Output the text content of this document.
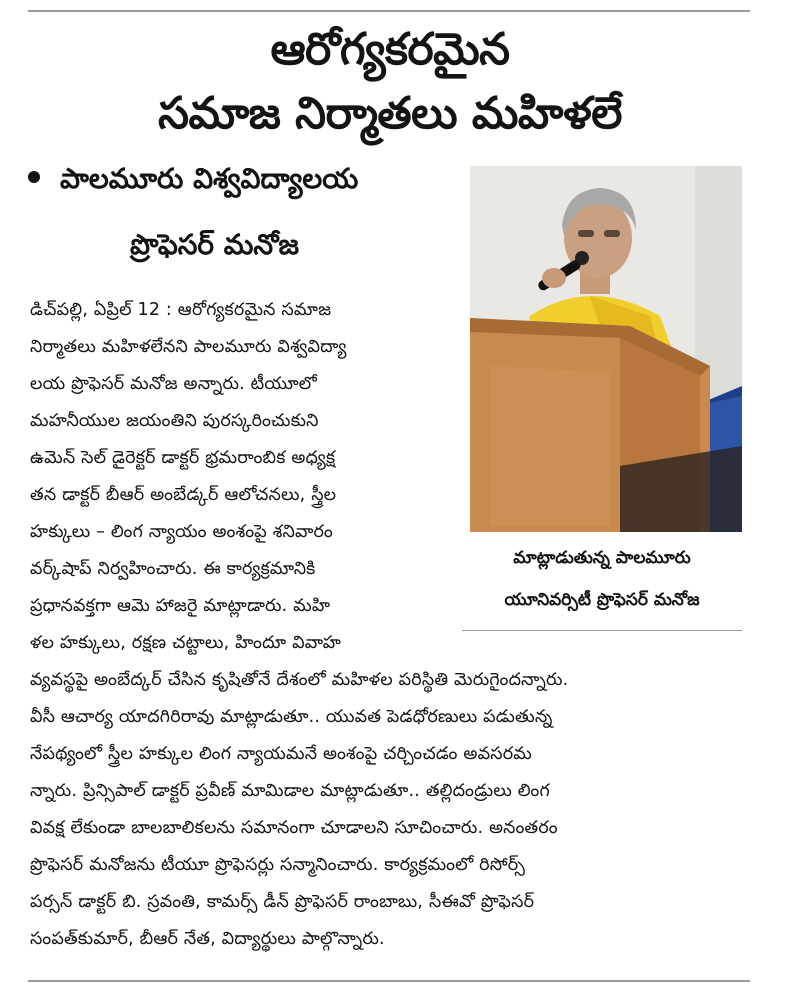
ఆరోగ్యకరమైన
సమాజ నిర్మాతలు మహిళలే
పాలమూరు విశ్వవిద్యాలయ
ప్రొఫెసర్ మనోజ
మాట్లాడుతున్న పాలమూరు
యూనివర్సిటీ ప్రొఫెసర్ మనోజ
డిచ్‌పల్లి, ఏప్రిల్ 12 : ఆరోగ్యకరమైన సమాజ
నిర్మాతలు మహిళలేనని పాలమూరు విశ్వవిద్యా
లయ ప్రొఫెసర్ మనోజ అన్నారు. టీయూలో
మహనీయుల జయంతిని పురస్కరించుకుని
ఉమెన్ సెల్ డైరెక్టర్ డాక్టర్ భ్రమరాంబిక అధ్యక్ష
తన డాక్టర్ బీఆర్ అంబేడ్కర్ ఆలోచనలు, స్త్రీల
హక్కులు – లింగ న్యాయం అంశంపై శనివారం
వర్క్‌షాప్ నిర్వహించారు. ఈ కార్యక్రమానికి
ప్రధానవక్తగా ఆమె హాజరై మాట్లాడారు. మహి
ళల హక్కులు, రక్షణ చట్టాలు, హిందూ వివాహ
వ్యవస్థపై అంబేద్కర్ చేసిన కృషితోనే దేశంలో మహిళల పరిస్థితి మెరుగైందన్నారు.
వీసీ ఆచార్య యాదగిరిరావు మాట్లాడుతూ.. యువత పెడధోరణులు పడుతున్న
నేపథ్యంలో స్త్రీల హక్కుల లింగ న్యాయమనే అంశంపై చర్చించడం అవసరమ
న్నారు. ప్రిన్సిపాల్ డాక్టర్ ప్రవీణ్ మామిడాల మాట్లాడుతూ.. తల్లిదండ్రులు లింగ
వివక్ష లేకుండా బాలబాలికలను సమానంగా చూడాలని సూచించారు. అనంతరం
ప్రొఫెసర్ మనోజను టీయూ ప్రొఫెసర్లు సన్మానించారు. కార్యక్రమంలో రిసోర్స్
పర్సన్ డాక్టర్ బి. స్రవంతి, కామర్స్ డీన్ ప్రొఫెసర్ రాంబాబు, సీఈవో ప్రొఫెసర్
సంపత్‌కుమార్, బీఆర్ నేత, విద్యార్థులు పాల్గొన్నారు.
